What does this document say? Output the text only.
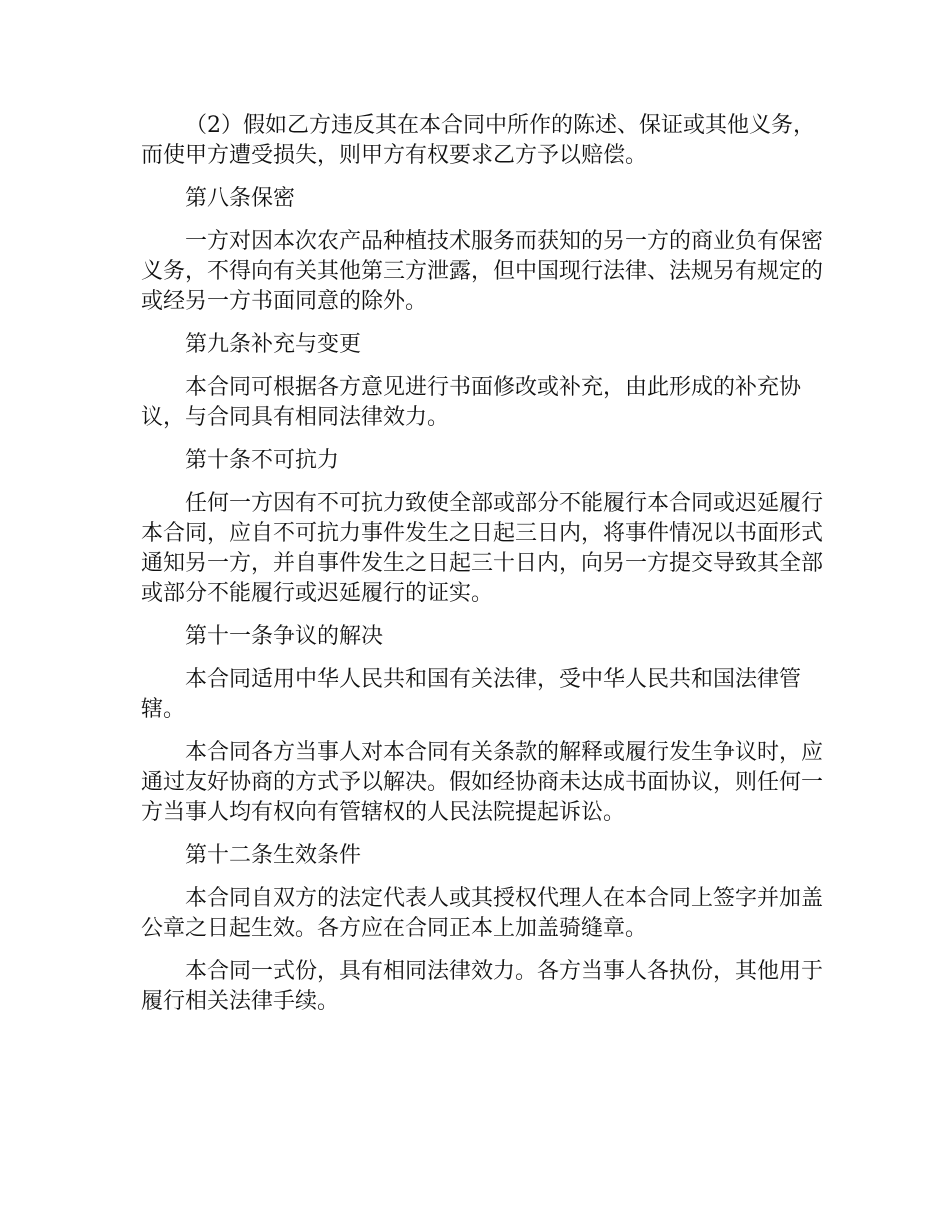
（2）假如乙方违反其在本合同中所作的陈述、保证或其他义务，而使甲方遭受损失，则甲方有权要求乙方予以赔偿。

第八条保密

一方对因本次农产品种植技术服务而获知的另一方的商业负有保密义务，不得向有关其他第三方泄露，但中国现行法律、法规另有规定的或经另一方书面同意的除外。

第九条补充与变更

本合同可根据各方意见进行书面修改或补充，由此形成的补充协议，与合同具有相同法律效力。

第十条不可抗力

任何一方因有不可抗力致使全部或部分不能履行本合同或迟延履行本合同，应自不可抗力事件发生之日起三日内，将事件情况以书面形式通知另一方，并自事件发生之日起三十日内，向另一方提交导致其全部或部分不能履行或迟延履行的证实。

第十一条争议的解决

本合同适用中华人民共和国有关法律，受中华人民共和国法律管辖。

本合同各方当事人对本合同有关条款的解释或履行发生争议时，应通过友好协商的方式予以解决。假如经协商未达成书面协议，则任何一方当事人均有权向有管辖权的人民法院提起诉讼。

第十二条生效条件

本合同自双方的法定代表人或其授权代理人在本合同上签字并加盖公章之日起生效。各方应在合同正本上加盖骑缝章。

本合同一式份，具有相同法律效力。各方当事人各执份，其他用于履行相关法律手续。
